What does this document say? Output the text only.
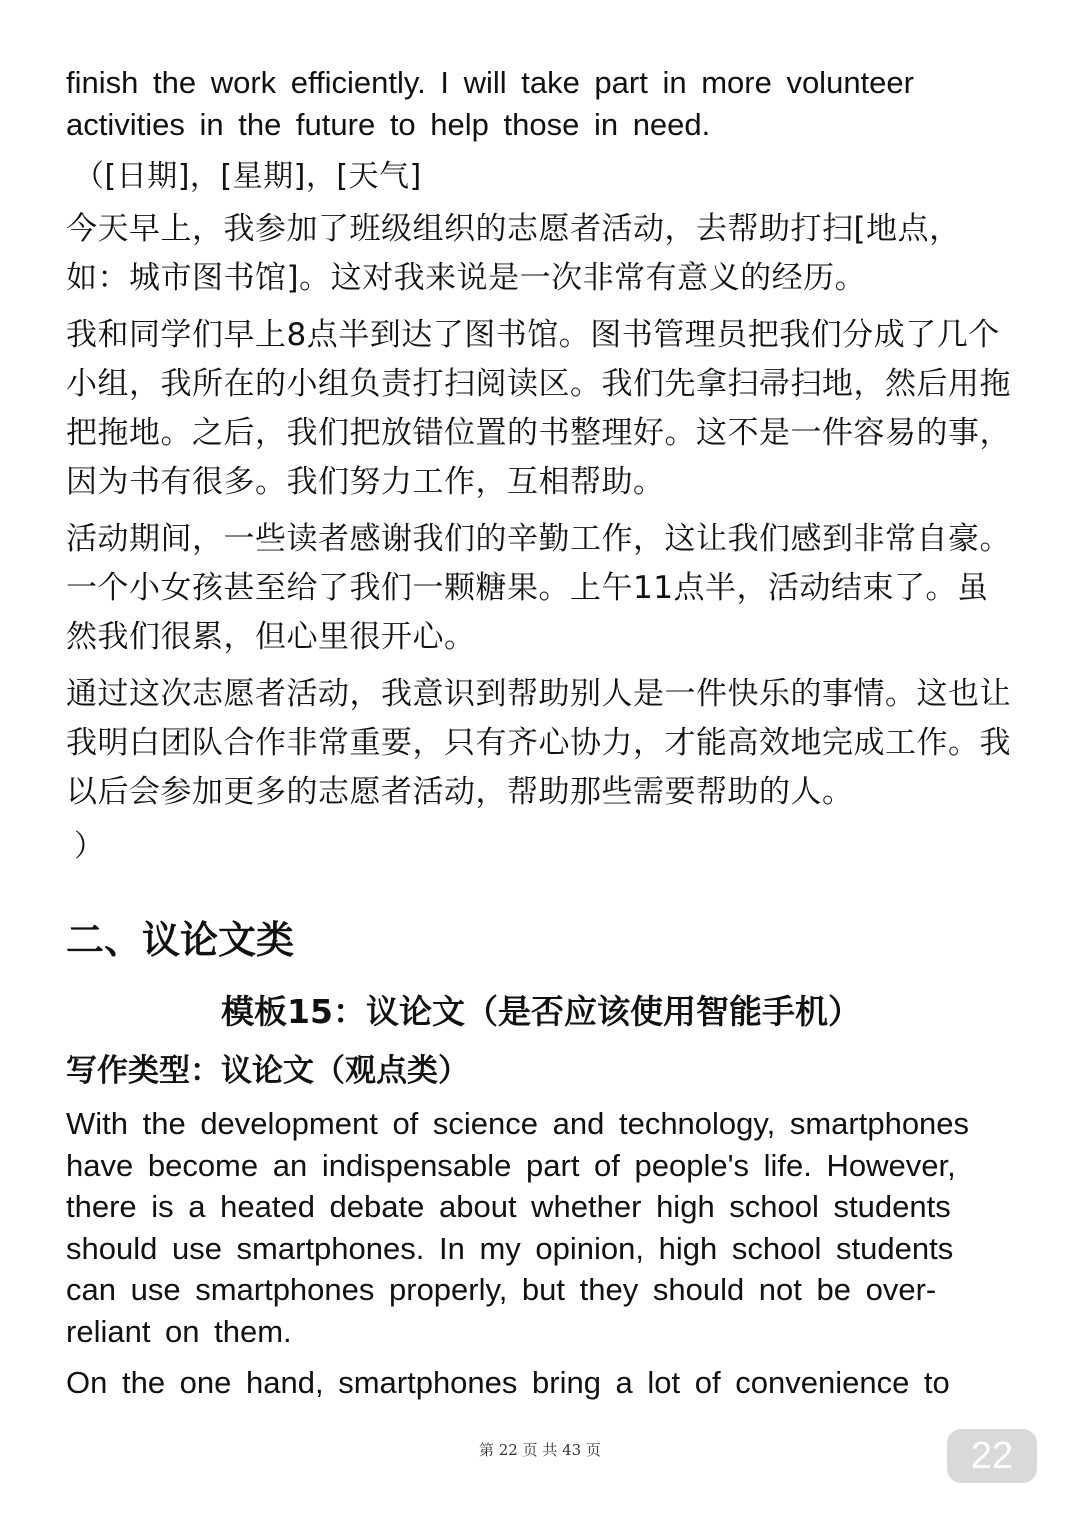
finish the work efficiently. I will take part in more volunteer activities in the future to help those in need.

（[日期]，[星期]，[天气]

今天早上，我参加了班级组织的志愿者活动，去帮助打扫[地点，如：城市图书馆]。这对我来说是一次非常有意义的经历。

我和同学们早上8点半到达了图书馆。图书管理员把我们分成了几个小组，我所在的小组负责打扫阅读区。我们先拿扫帚扫地，然后用拖把拖地。之后，我们把放错位置的书整理好。这不是一件容易的事，因为书有很多。我们努力工作，互相帮助。

活动期间，一些读者感谢我们的辛勤工作，这让我们感到非常自豪。一个小女孩甚至给了我们一颗糖果。上午11点半，活动结束了。虽然我们很累，但心里很开心。

通过这次志愿者活动，我意识到帮助别人是一件快乐的事情。这也让我明白团队合作非常重要，只有齐心协力，才能高效地完成工作。我以后会参加更多的志愿者活动，帮助那些需要帮助的人。

）

二、议论文类
模板15：议论文（是否应该使用智能手机）
写作类型：议论文（观点类）

With the development of science and technology, smartphones have become an indispensable part of people's life. However, there is a heated debate about whether high school students should use smartphones. In my opinion, high school students can use smartphones properly, but they should not be over-reliant on them.

On the one hand, smartphones bring a lot of convenience to

第 22 页 共 43 页	22
